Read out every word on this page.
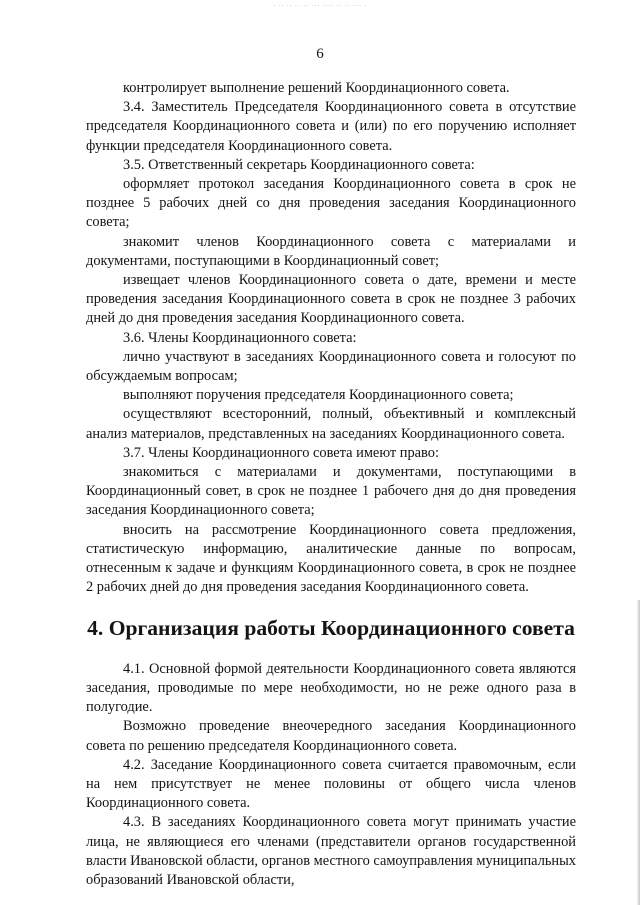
· ·· ·· ·· ·· ··· ···· ·· ·· ··· ·
6

контролирует выполнение решений Координационного совета.

3.4. Заместитель Председателя Координационного совета в отсутствие председателя Координационного совета и (или) по его поручению исполняет функции председателя Координационного совета.

3.5. Ответственный секретарь Координационного совета:

оформляет протокол заседания Координационного совета в срок не позднее 5 рабочих дней со дня проведения заседания Координационного совета;

знакомит членов Координационного совета с материалами и документами, поступающими в Координационный совет;

извещает членов Координационного совета о дате, времени и месте проведения заседания Координационного совета в срок не позднее 3 рабочих дней до дня проведения заседания Координационного совета.

3.6. Члены Координационного совета:

лично участвуют в заседаниях Координационного совета и голосуют по обсуждаемым вопросам;

выполняют поручения председателя Координационного совета;

осуществляют всесторонний, полный, объективный и комплексный анализ материалов, представленных на заседаниях Координационного совета.

3.7. Члены Координационного совета имеют право:

знакомиться с материалами и документами, поступающими в Координационный совет, в срок не позднее 1 рабочего дня до дня проведения заседания Координационного совета;

вносить на рассмотрение Координационного совета предложения, статистическую информацию, аналитические данные по вопросам, отнесенным к задаче и функциям Координационного совета, в срок не позднее 2 рабочих дней до дня проведения заседания Координационного совета.

4. Организация работы Координационного совета

4.1. Основной формой деятельности Координационного совета являются заседания, проводимые по мере необходимости, но не реже одного раза в полугодие.

Возможно проведение внеочередного заседания Координационного совета по решению председателя Координационного совета.

4.2. Заседание Координационного совета считается правомочным, если на нем присутствует не менее половины от общего числа членов Координационного совета.

4.3. В заседаниях Координационного совета могут принимать участие лица, не являющиеся его членами (представители органов государственной власти Ивановской области, органов местного самоуправления муниципальных образований Ивановской области,
